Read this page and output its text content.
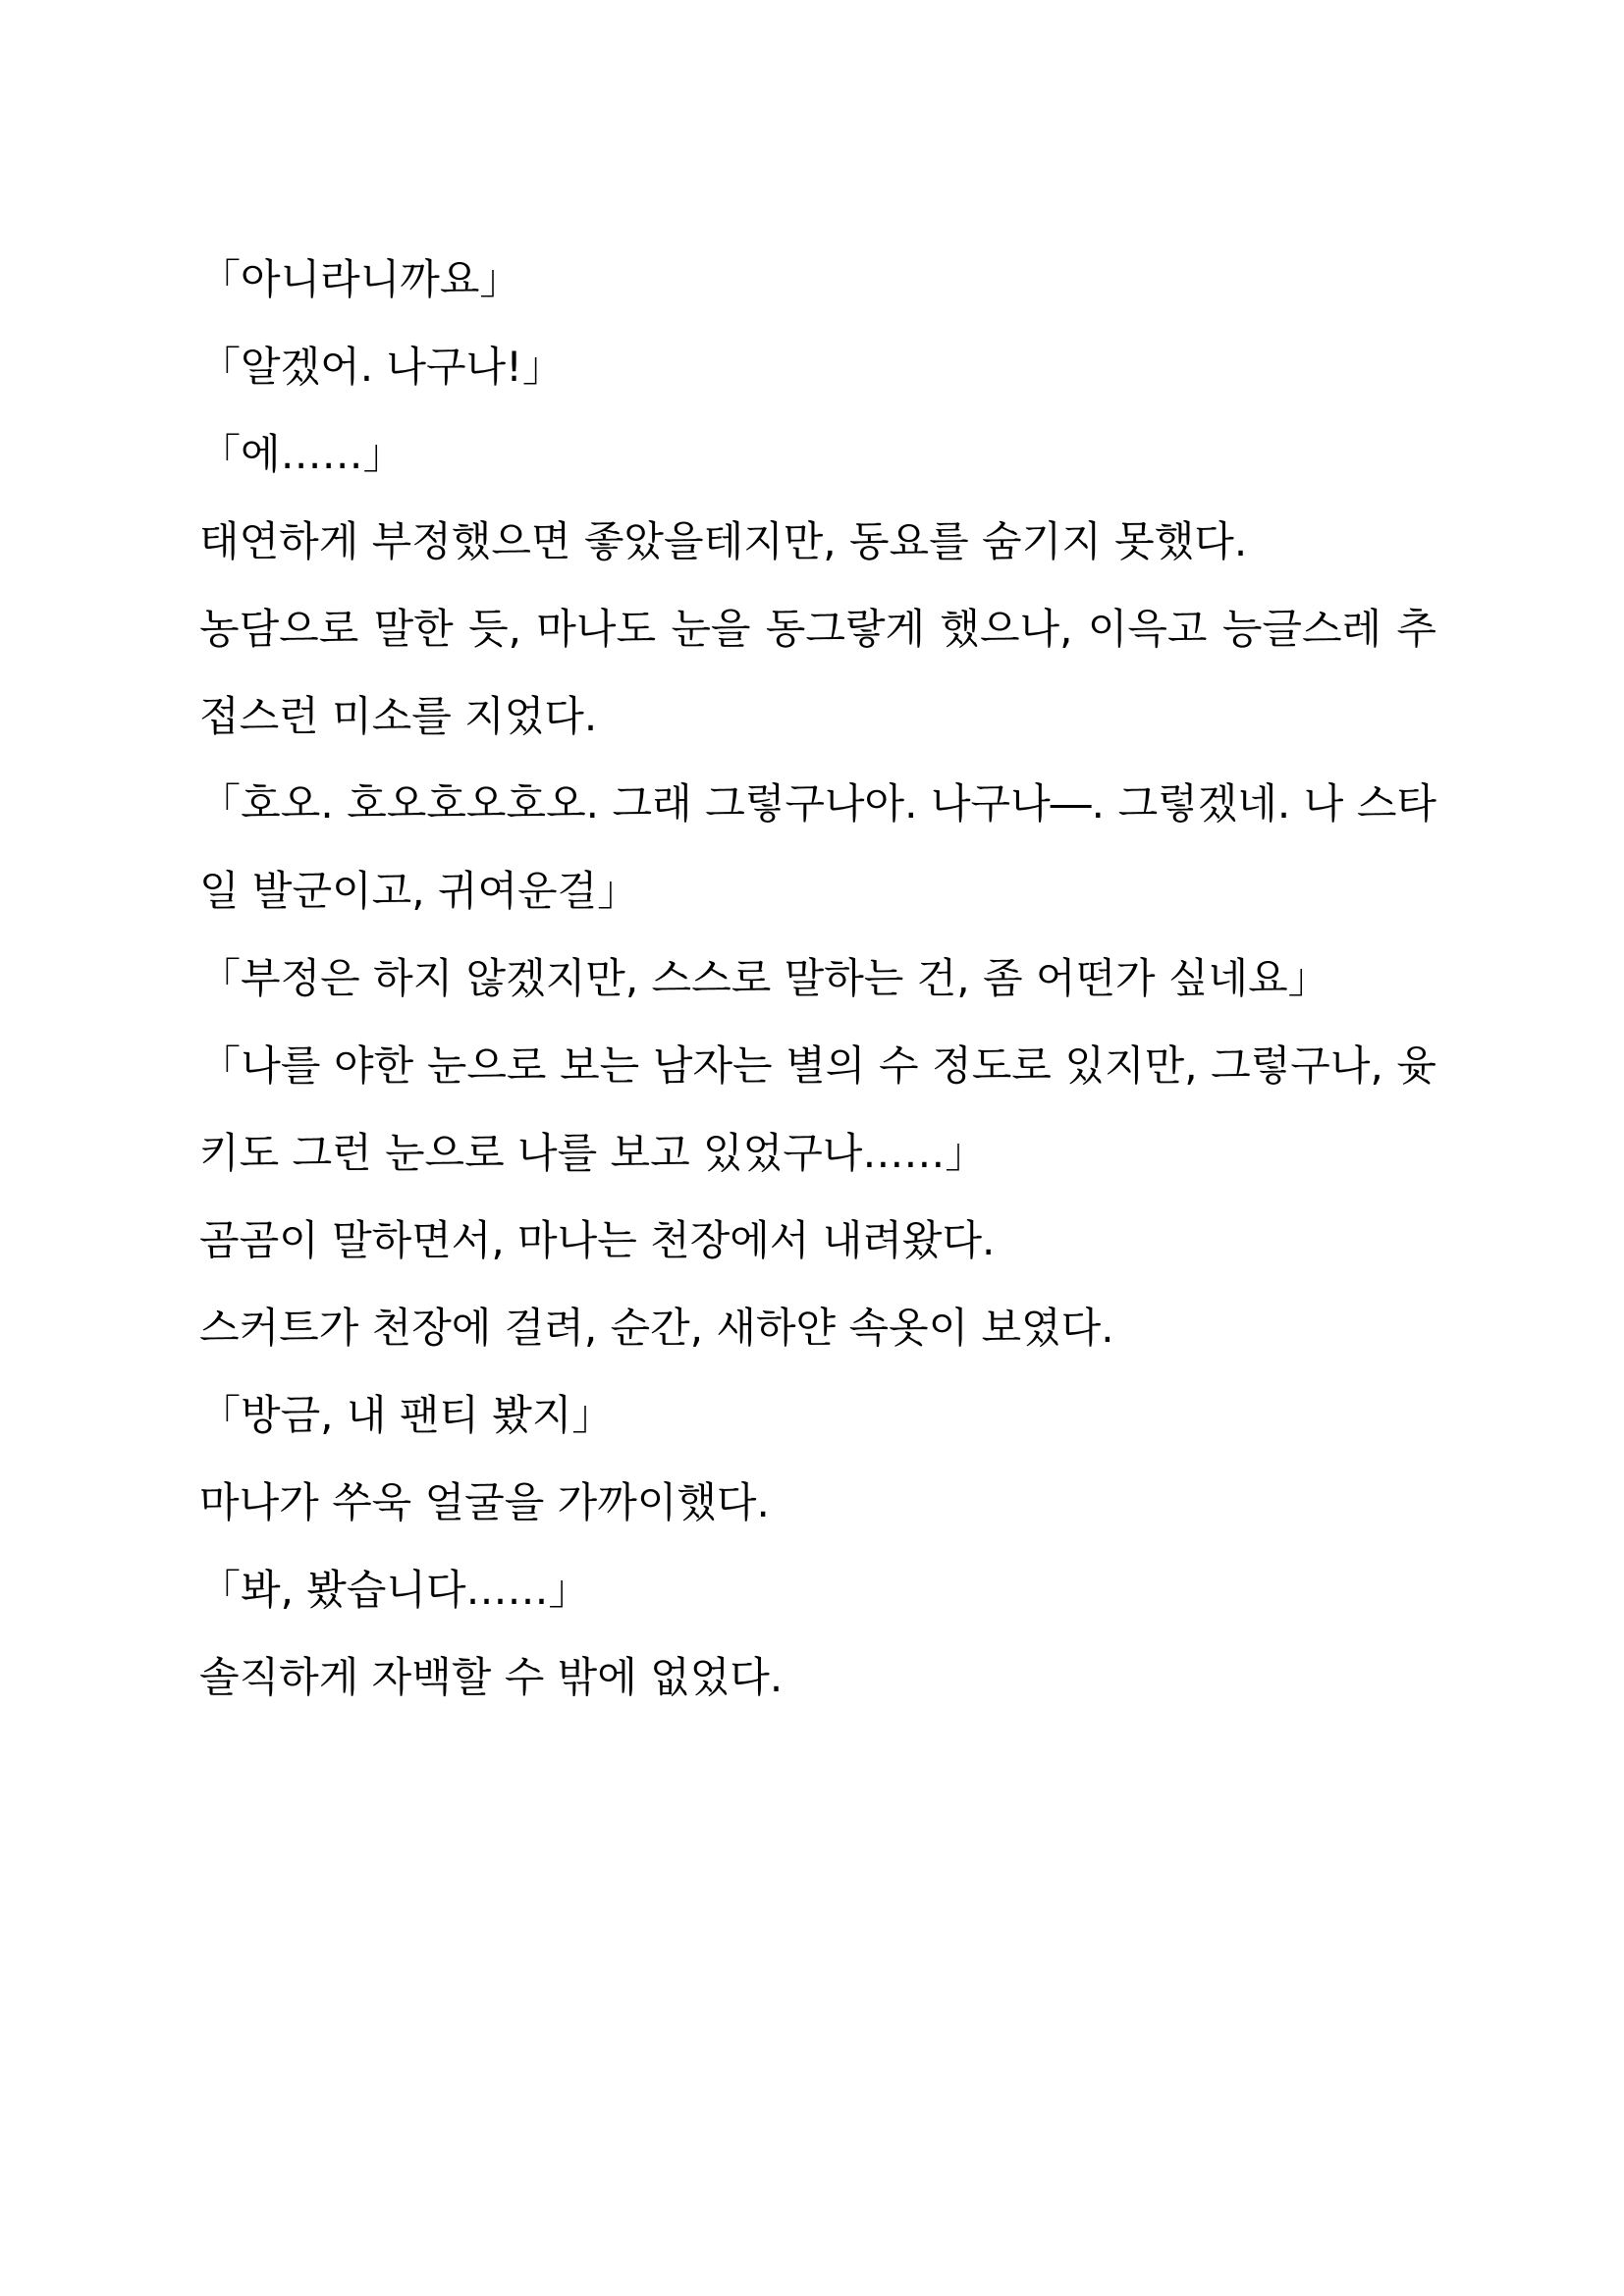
「아니라니까요」

「알겠어. 나구나!」

「에……」

태연하게 부정했으면 좋았을테지만, 동요를 숨기지 못했다.

농담으로 말한 듯, 마나도 눈을 동그랗게 했으나, 이윽고 능글스레 추접스런 미소를 지었다.

「호오. 호오호오호오. 그래 그렇구나아. 나구나―. 그렇겠네. 나 스타일 발군이고, 귀여운걸」

「부정은 하지 않겠지만, 스스로 말하는 건, 좀 어떤가 싶네요」

「나를 야한 눈으로 보는 남자는 별의 수 정도로 있지만, 그렇구나, 윳키도 그런 눈으로 나를 보고 있었구나……」

곰곰이 말하면서, 마나는 천장에서 내려왔다.

스커트가 천장에 걸려, 순간, 새하얀 속옷이 보였다.

「방금, 내 팬티 봤지」

마나가 쑤욱 얼굴을 가까이했다.

「봐, 봤습니다……」

솔직하게 자백할 수 밖에 없었다.
